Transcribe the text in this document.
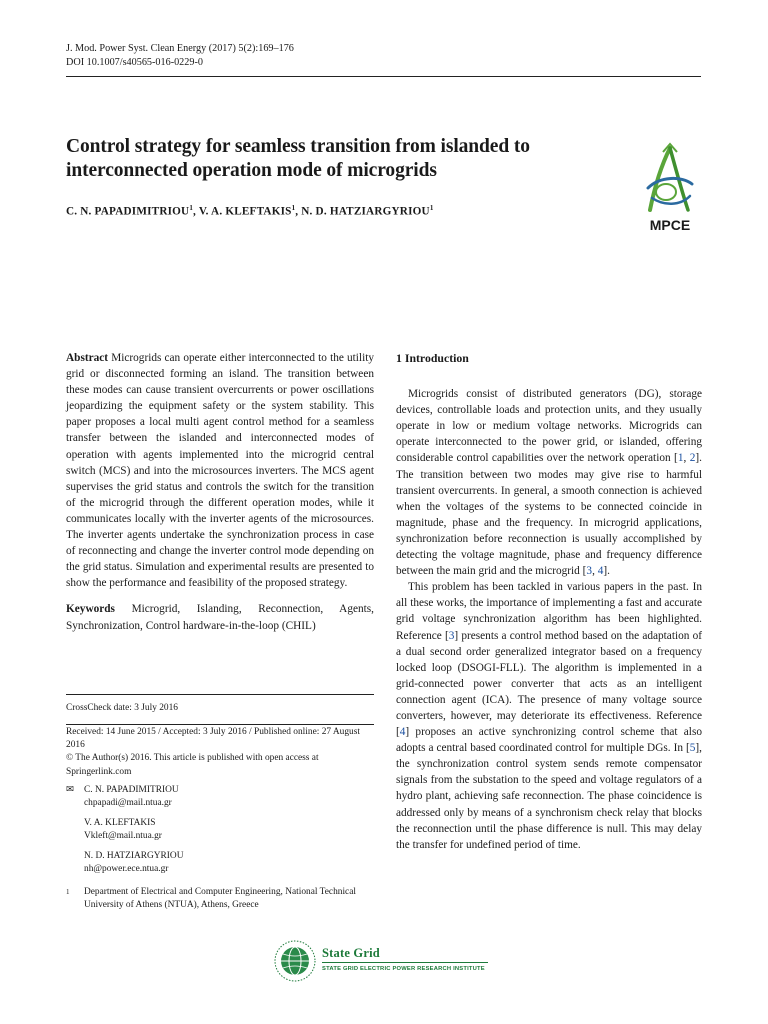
J. Mod. Power Syst. Clean Energy (2017) 5(2):169–176
DOI 10.1007/s40565-016-0229-0
Control strategy for seamless transition from islanded to interconnected operation mode of microgrids
C. N. PAPADIMITRIOU$^1$, V. A. KLEFTAKIS$^1$, N. D. HATZIARGYRIOU$^1$
MPCE

Abstract Microgrids can operate either interconnected to the utility grid or disconnected forming an island. The transition between these modes can cause transient overcurrents or power oscillations jeopardizing the equipment safety or the system stability. This paper proposes a local multi agent control method for a seamless transfer between the islanded and interconnected modes of operation with agents implemented into the microgrid central switch (MCS) and into the microsources inverters. The MCS agent supervises the grid status and controls the switch for the transition of the microgrid through the different operation modes, while it communicates locally with the inverter agents of the microsources. The inverter agents undertake the synchronization process in case of reconnecting and change the inverter control mode depending on the grid status. Simulation and experimental results are presented to show the performance and feasibility of the proposed strategy.

Keywords Microgrid, Islanding, Reconnection, Agents, Synchronization, Control hardware-in-the-loop (CHIL)

CrossCheck date: 3 July 2016
Received: 14 June 2015 / Accepted: 3 July 2016 / Published online: 27 August 2016
© The Author(s) 2016. This article is published with open access at Springerlink.com
✉ C. N. PAPADIMITRIOU
chpapadi@mail.ntua.gr
V. A. KLEFTAKIS
Vkleft@mail.ntua.gr
N. D. HATZIARGYRIOU
nh@power.ece.ntua.gr
1 Department of Electrical and Computer Engineering, National Technical University of Athens (NTUA), Athens, Greece

1 Introduction

Microgrids consist of distributed generators (DG), storage devices, controllable loads and protection units, and they usually operate in low or medium voltage networks. Microgrids can operate interconnected to the power grid, or islanded, offering considerable control capabilities over the network operation [1, 2]. The transition between two modes may give rise to harmful transient overcurrents. In general, a smooth connection is achieved when the voltages of the systems to be connected coincide in magnitude, phase and the frequency. In microgrid applications, synchronization before reconnection is usually accomplished by detecting the voltage magnitude, phase and frequency difference between the main grid and the microgrid [3, 4].

This problem has been tackled in various papers in the past. In all these works, the importance of implementing a fast and accurate grid voltage synchronization algorithm has been highlighted. Reference [3] presents a control method based on the adaptation of a dual second order generalized integrator based on a frequency locked loop (DSOGI-FLL). The algorithm is implemented in a grid-connected power converter that acts as an intelligent connection agent (ICA). The presence of many voltage source converters, however, may deteriorate its effectiveness. Reference [4] proposes an active synchronizing control scheme that also adopts a central based coordinated control for multiple DGs. In [5], the synchronization control system sends remote compensator signals from the substation to the speed and voltage regulators of a hydro plant, achieving safe reconnection. The phase coincidence is addressed only by means of a synchronism check relay that blocks the reconnection until the phase difference is null. This may delay the transfer for undefined period of time.

State Grid
STATE GRID ELECTRIC POWER RESEARCH INSTITUTE
